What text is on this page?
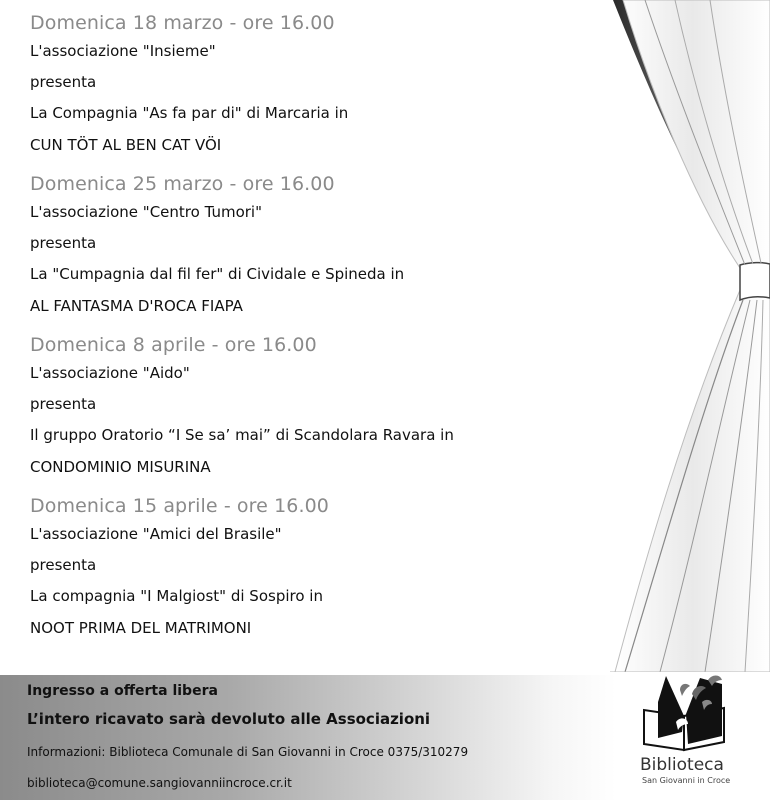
Domenica 18 marzo - ore 16.00
L'associazione "Insieme"
presenta
La Compagnia "As fa par di" di Marcaria in
CUN TÖT AL BEN CAT VÖI
Domenica 25 marzo - ore 16.00
L'associazione "Centro Tumori"
presenta
La "Cumpagnia dal fil fer" di Cividale e Spineda in
AL FANTASMA D'ROCA FIAPA
Domenica 8 aprile - ore 16.00
L'associazione "Aido"
presenta
Il gruppo Oratorio “I Se sa’ mai” di Scandolara Ravara in
CONDOMINIO MISURINA
Domenica 15 aprile - ore 16.00
L'associazione "Amici del Brasile"
presenta
La compagnia "I Malgiost" di Sospiro in
NOOT PRIMA DEL MATRIMONI
Ingresso a offerta libera
L’intero ricavato sarà devoluto alle Associazioni
Informazioni: Biblioteca Comunale di San Giovanni in Croce 0375/310279
biblioteca@comune.sangiovanniincroce.cr.it
Biblioteca
San Giovanni in Croce
